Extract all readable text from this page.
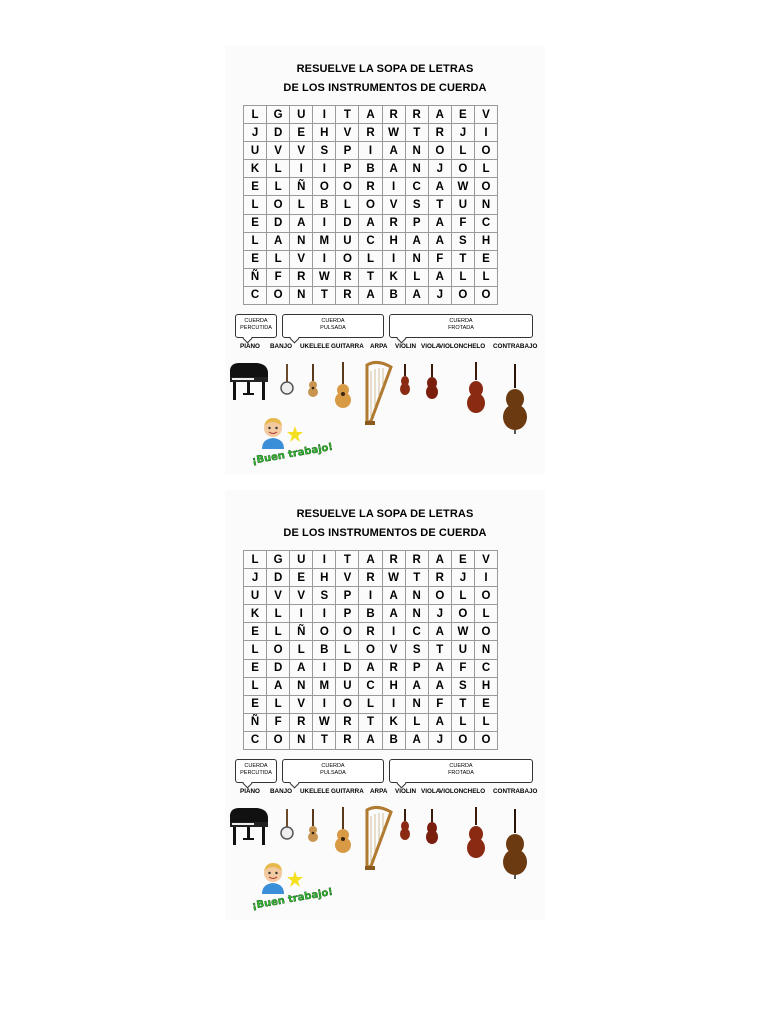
RESUELVE LA SOPA DE LETRAS
DE LOS INSTRUMENTOS DE CUERDA
L	G	U	I	T	A	R	R	A	E	V
J	D	E	H	V	R	W	T	R	J	I
U	V	V	S	P	I	A	N	O	L	O
K	L	I	I	P	B	A	N	J	O	L
E	L	Ñ	O	O	R	I	C	A	W	O
L	O	L	B	L	O	V	S	T	U	N
E	D	A	I	D	A	R	P	A	F	C
L	A	N	M	U	C	H	A	A	S	H
E	L	V	I	O	L	I	N	F	T	E
Ñ	F	R	W	R	T	K	L	A	L	L
C	O	N	T	R	A	B	A	J	O	O
CUERDA
PERCUTIDA
CUERDA
PULSADA
CUERDA
FROTADA
PIANO BANJO UKELELE GUITARRA ARPA VIOLIN VIOLA
VIOLONCHELO CONTRABAJO
¡Buen trabajo!
RESUELVE LA SOPA DE LETRAS
DE LOS INSTRUMENTOS DE CUERDA
L	G	U	I	T	A	R	R	A	E	V
J	D	E	H	V	R	W	T	R	J	I
U	V	V	S	P	I	A	N	O	L	O
K	L	I	I	P	B	A	N	J	O	L
E	L	Ñ	O	O	R	I	C	A	W	O
L	O	L	B	L	O	V	S	T	U	N
E	D	A	I	D	A	R	P	A	F	C
L	A	N	M	U	C	H	A	A	S	H
E	L	V	I	O	L	I	N	F	T	E
Ñ	F	R	W	R	T	K	L	A	L	L
C	O	N	T	R	A	B	A	J	O	O
CUERDA
PERCUTIDA
CUERDA
PULSADA
CUERDA
FROTADA
PIANO BANJO UKELELE GUITARRA ARPA VIOLIN VIOLA
VIOLONCHELO CONTRABAJO
¡Buen trabajo!
